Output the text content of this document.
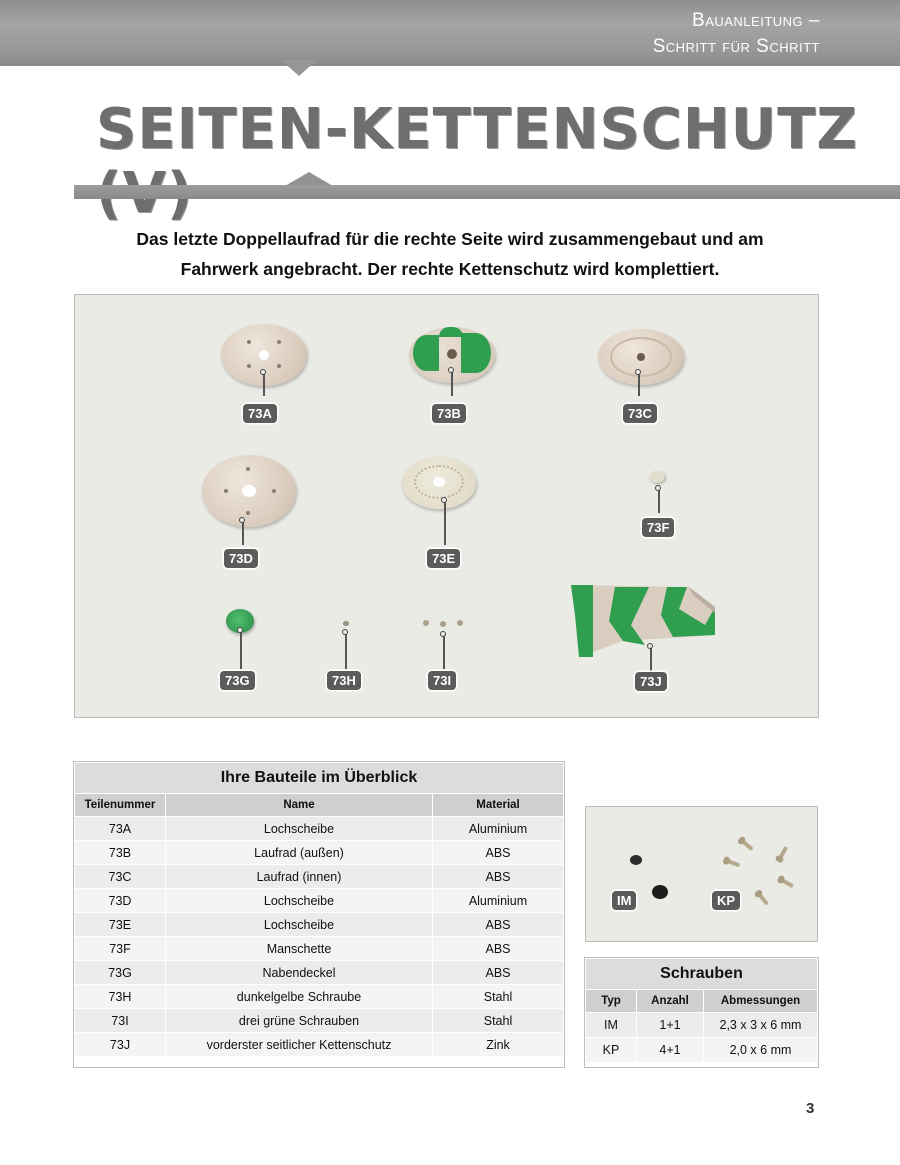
Bauanleitung –
Schritt für Schritt
SEITEN-KETTENSCHUTZ
Das letzte Doppellaufrad für die rechte Seite wird zusammengebaut und am
Fahrwerk angebracht. Der rechte Kettenschutz wird komplettiert.
73A	73B	73C
73D	73E
73F
73G	73H	73I	73J
Ihre Bauteile im Überblick		
Teilenummer	Name	Material
73A	Lochscheibe	Aluminium
73B	Laufrad (außen)	ABS
73C	Laufrad (innen)	ABS
73D	Lochscheibe	Aluminium
73E	Lochscheibe	ABS
73F	Manschette	ABS
73G	Nabendeckel	ABS
73H	dunkelgelbe Schraube	Stahl
73I	drei grüne Schrauben	Stahl
73J	vorderster seitlicher Kettenschutz	Zink
IM	KP
Schrauben		
Typ	Anzahl	Abmessungen
IM	1+1	2,3 x 3 x 6 mm
KP	4+1	2,0 x 6 mm
3
